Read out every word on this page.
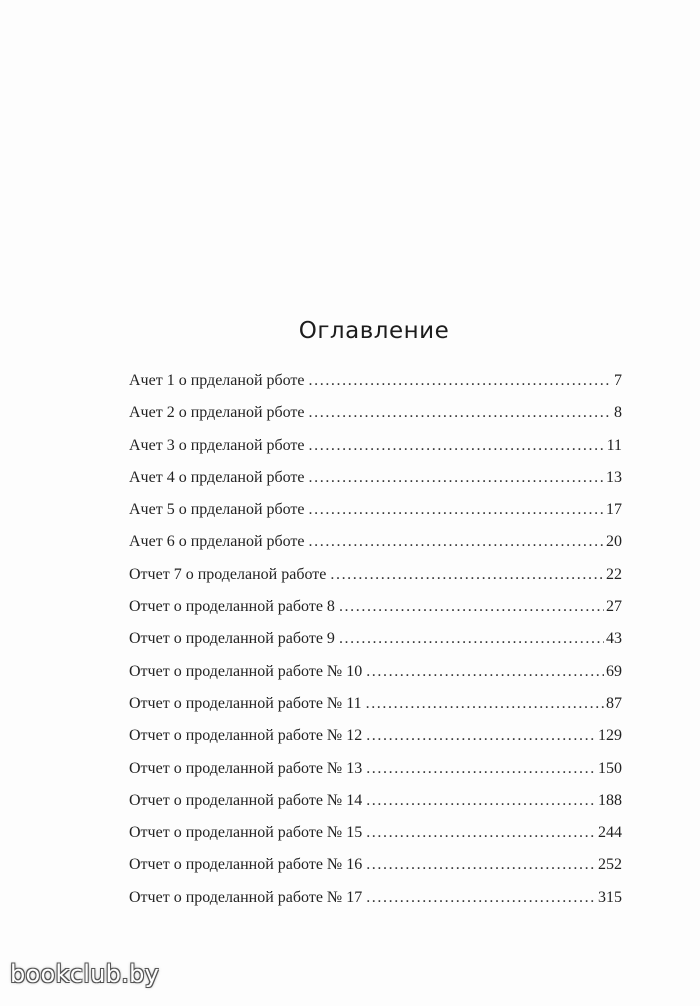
Оглавление
Ачет 1 о прделаной рботе . . .	7
Ачет 2 о прделаной рботе . . .	8
Ачет 3 о прделаной рботе . . .	11
Ачет 4 о прделаной рботе . . .	13
Ачет 5 о прделаной рботе . . .	17
Ачет 6 о прделаной рботе . . .	20
Отчет 7 о проделаной работе . . .	22
Отчет о проделанной работе 8 . . .	27
Отчет о проделанной работе 9 . . .	43
Отчет о проделанной работе № 10 . . .	69
Отчет о проделанной работе № 11 . . .	87
Отчет о проделанной работе № 12 . . .	129
Отчет о проделанной работе № 13 . . .	150
Отчет о проделанной работе № 14 . . .	188
Отчет о проделанной работе № 15 . . .	244
Отчет о проделанной работе № 16 . . .	252
Отчет о проделанной работе № 17 . . .	315
bookclub.by
